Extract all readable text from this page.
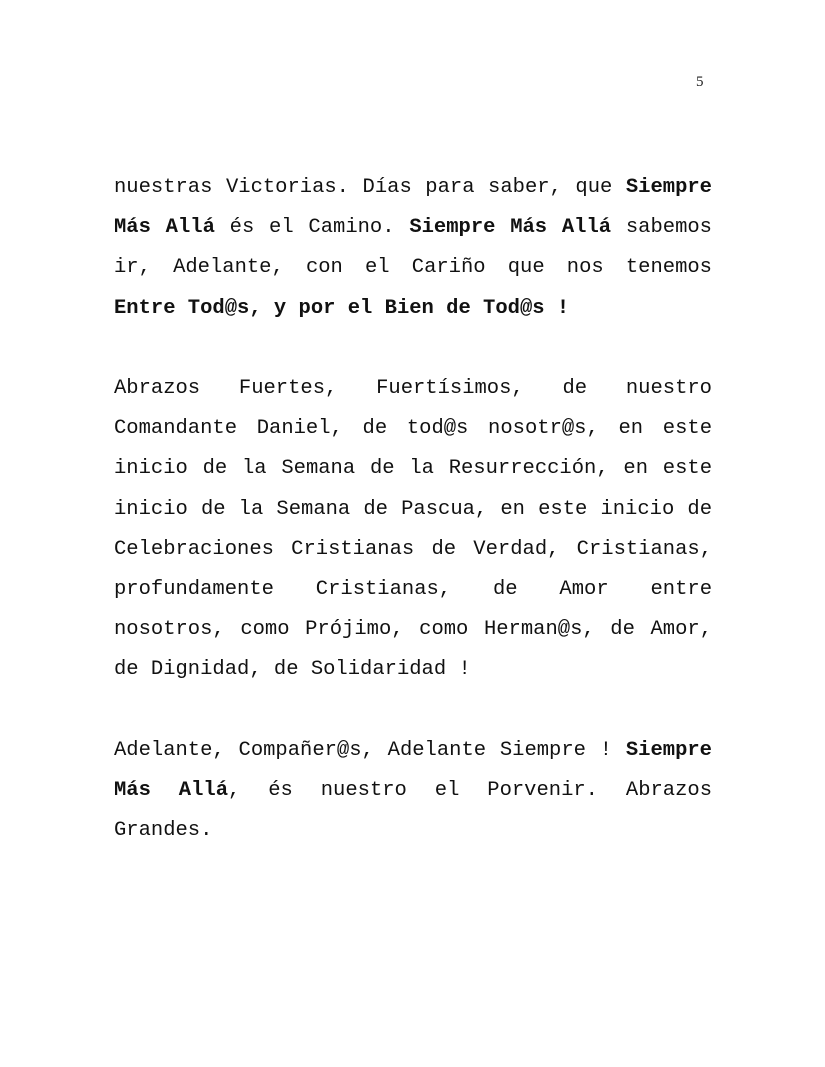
5

nuestras Victorias. Días para saber, que Siempre Más Allá és el Camino. Siempre Más Allá sabemos ir, Adelante, con el Cariño que nos tenemos Entre Tod@s, y por el Bien de Tod@s !

Abrazos Fuertes, Fuertísimos, de nuestro Comandante Daniel, de tod@s nosotr@s, en este inicio de la Semana de la Resurrección, en este inicio de la Semana de Pascua, en este inicio de Celebraciones Cristianas de Verdad, Cristianas, profundamente Cristianas, de Amor entre nosotros, como Prójimo, como Herman@s, de Amor, de Dignidad, de Solidaridad !

Adelante, Compañer@s, Adelante Siempre ! Siempre Más Allá, és nuestro el Porvenir. Abrazos Grandes.
